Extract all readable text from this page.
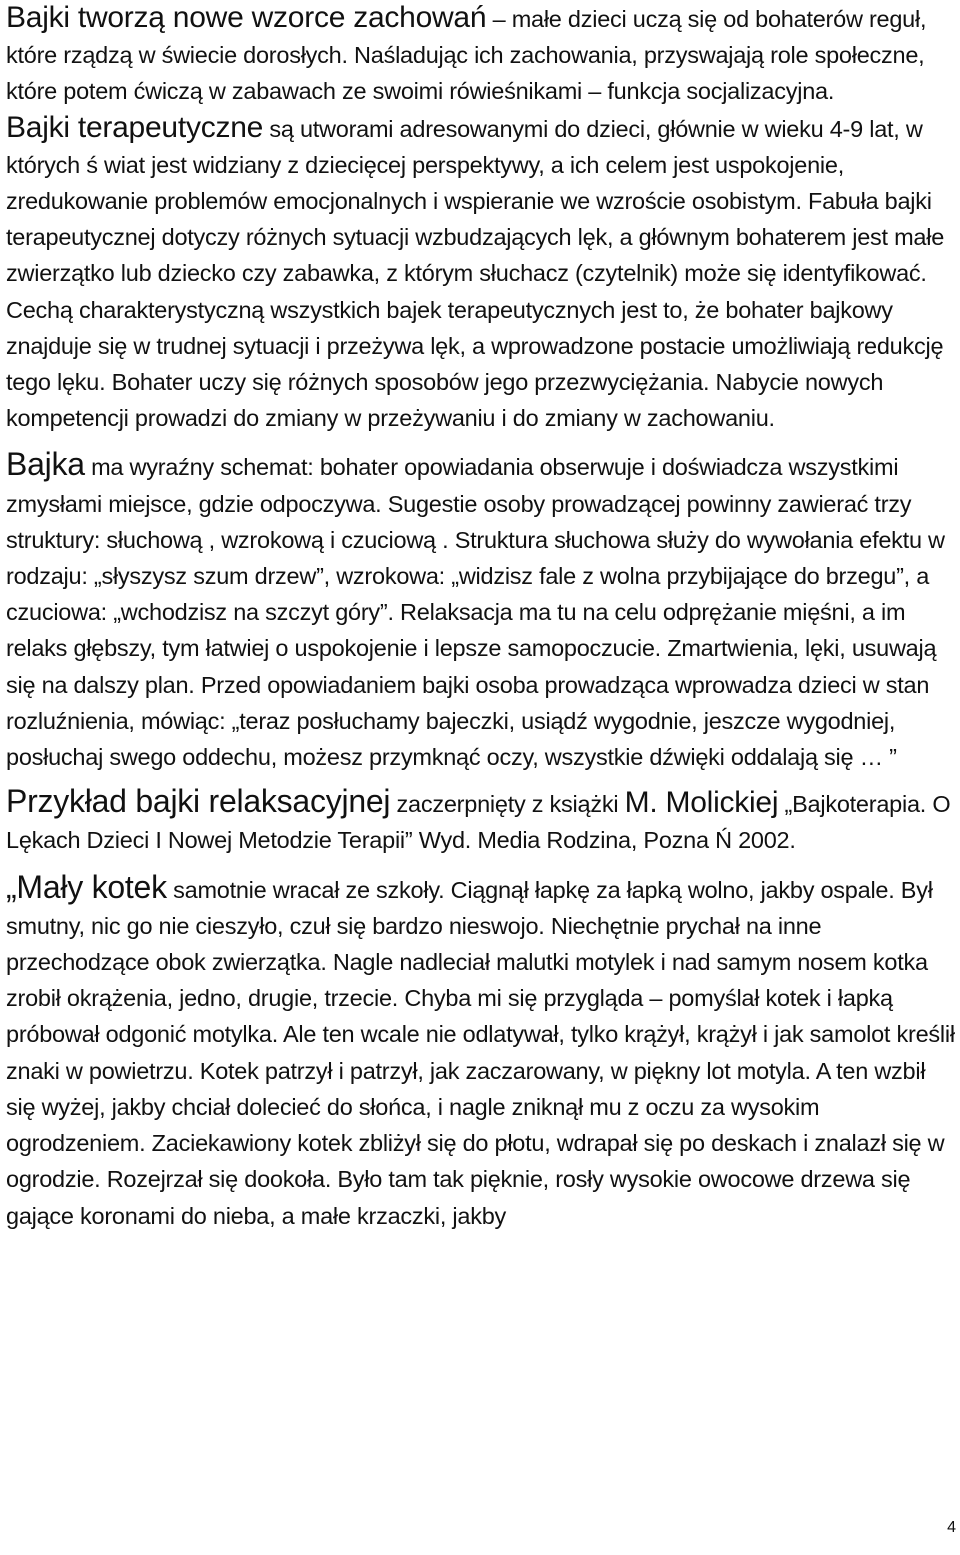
Bajki tworzą nowe wzorce zachowań – małe dzieci uczą się od bohaterów reguł, które rządzą w świecie dorosłych. Naśladując ich zachowania, przyswajają role społeczne, które potem ćwiczą w zabawach ze swoimi rówieśnikami – funkcja socjalizacyjna.

Bajki terapeutyczne są utworami adresowanymi do dzieci, głównie w wieku 4-9 lat, w których ś wiat jest widziany z dziecięcej perspektywy, a ich celem jest uspokojenie, zredukowanie problemów emocjonalnych i wspieranie we wzroście osobistym. Fabuła bajki terapeutycznej dotyczy różnych sytuacji wzbudzających lęk, a głównym bohaterem jest małe zwierzątko lub dziecko czy zabawka, z którym słuchacz (czytelnik) może się identyfikować. Cechą charakterystyczną wszystkich bajek terapeutycznych jest to, że bohater bajkowy znajduje się w trudnej sytuacji i przeżywa lęk, a wprowadzone postacie umożliwiają redukcję tego lęku. Bohater uczy się różnych sposobów jego przezwyciężania. Nabycie nowych kompetencji prowadzi do zmiany w przeżywaniu i do zmiany w zachowaniu.

Bajka ma wyraźny schemat: bohater opowiadania obserwuje i doświadcza wszystkimi zmysłami miejsce, gdzie odpoczywa. Sugestie osoby prowadzącej powinny zawierać trzy struktury: słuchową , wzrokową i czuciową . Struktura słuchowa służy do wywołania efektu w rodzaju: „słyszysz szum drzew”, wzrokowa: „widzisz fale z wolna przybijające do brzegu”, a czuciowa: „wchodzisz na szczyt góry”. Relaksacja ma tu na celu odprężanie mięśni, a im relaks głębszy, tym łatwiej o uspokojenie i lepsze samopoczucie. Zmartwienia, lęki, usuwają się na dalszy plan. Przed opowiadaniem bajki osoba prowadząca wprowadza dzieci w stan rozluźnienia, mówiąc: „teraz posłuchamy bajeczki, usiądź wygodnie, jeszcze wygodniej, posłuchaj swego oddechu, możesz przymknąć oczy, wszystkie dźwięki oddalają się … ”

Przykład bajki relaksacyjnej zaczerpnięty z książki M. Molickiej „Bajkoterapia. O Lękach Dzieci I Nowej Metodzie Terapii” Wyd. Media Rodzina, Pozna Ń 2002.

„Mały kotek samotnie wracał ze szkoły. Ciągnął łapkę za łapką wolno, jakby ospale. Był smutny, nic go nie cieszyło, czuł się bardzo nieswojo. Niechętnie prychał na inne przechodzące obok zwierzątka. Nagle nadleciał malutki motylek i nad samym nosem kotka zrobił okrążenia, jedno, drugie, trzecie. Chyba mi się przygląda – pomyślał kotek i łapką próbował odgonić motylka. Ale ten wcale nie odlatywał, tylko krążył, krążył i jak samolot kreślił znaki w powietrzu. Kotek patrzył i patrzył, jak zaczarowany, w piękny lot motyla. A ten wzbił się wyżej, jakby chciał dolecieć do słońca, i nagle zniknął mu z oczu za wysokim ogrodzeniem. Zaciekawiony kotek zbliżył się do płotu, wdrapał się po deskach i znalazł się w ogrodzie. Rozejrzał się dookoła. Było tam tak pięknie, rosły wysokie owocowe drzewa się gające koronami do nieba, a małe krzaczki, jakby

4
